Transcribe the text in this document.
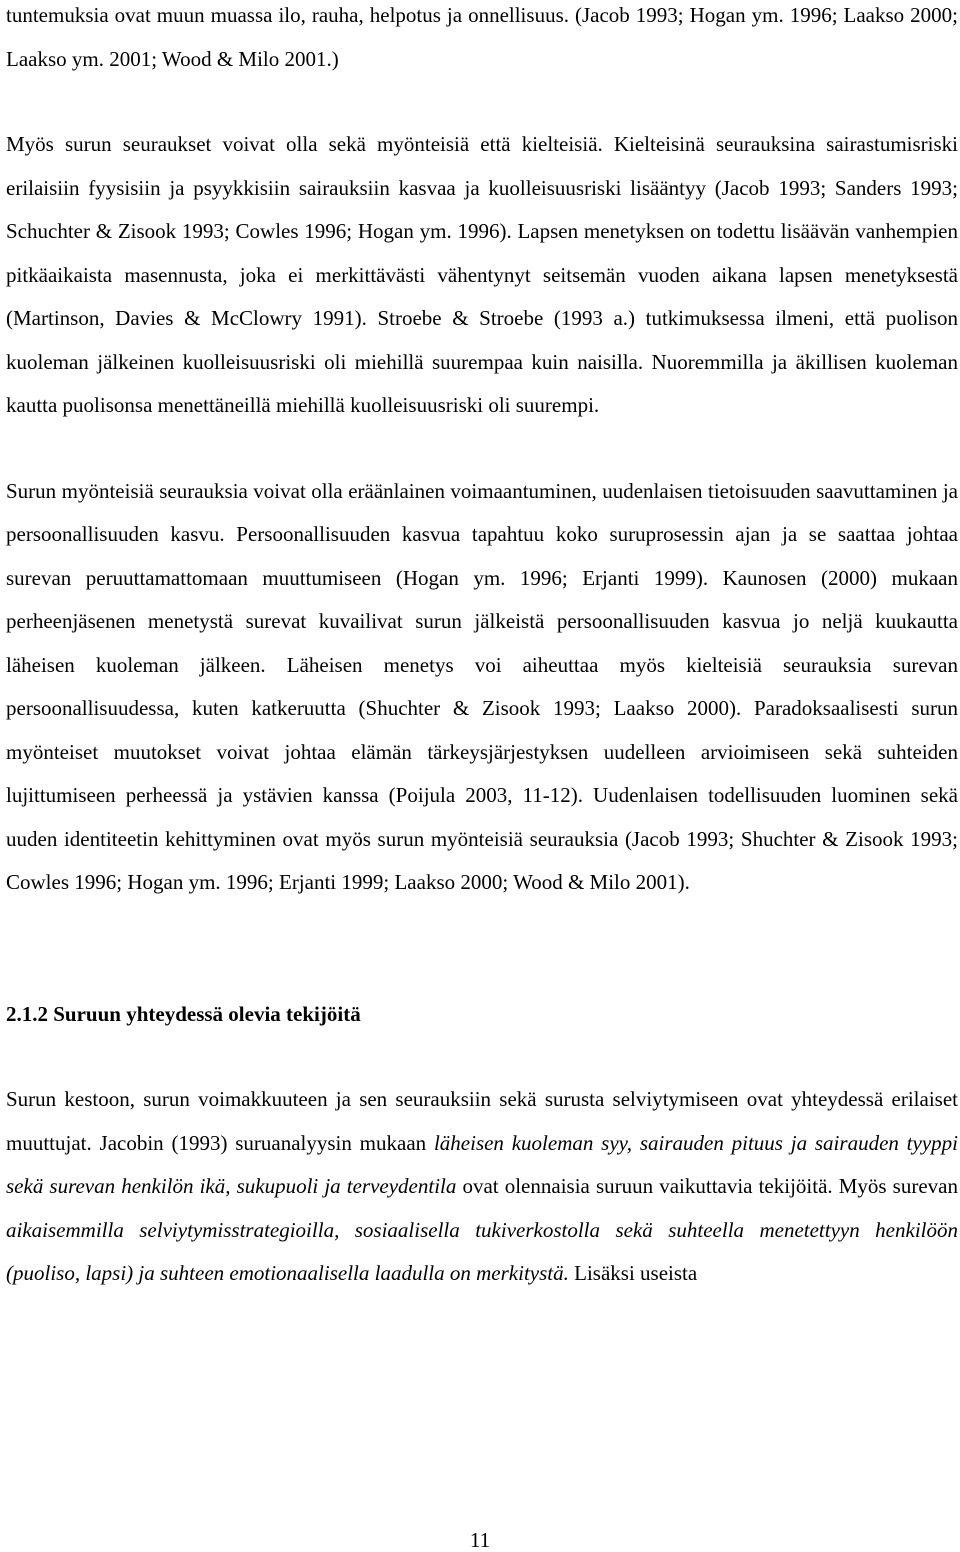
tuntemuksia ovat muun muassa ilo, rauha, helpotus ja onnellisuus. (Jacob 1993; Hogan ym. 1996; Laakso 2000; Laakso ym. 2001; Wood & Milo 2001.)

Myös surun seuraukset voivat olla sekä myönteisiä että kielteisiä. Kielteisinä seurauksina sairastumisriski erilaisiin fyysisiin ja psyykkisiin sairauksiin kasvaa ja kuolleisuusriski lisääntyy (Jacob 1993; Sanders 1993; Schuchter & Zisook 1993; Cowles 1996; Hogan ym. 1996). Lapsen menetyksen on todettu lisäävän vanhempien pitkäaikaista masennusta, joka ei merkittävästi vähentynyt seitsemän vuoden aikana lapsen menetyksestä (Martinson, Davies & McClowry 1991). Stroebe & Stroebe (1993 a.) tutkimuksessa ilmeni, että puolison kuoleman jälkeinen kuolleisuusriski oli miehillä suurempaa kuin naisilla. Nuoremmilla ja äkillisen kuoleman kautta puolisonsa menettäneillä miehillä kuolleisuusriski oli suurempi.

Surun myönteisiä seurauksia voivat olla eräänlainen voimaantuminen, uudenlaisen tietoisuuden saavuttaminen ja persoonallisuuden kasvu. Persoonallisuuden kasvua tapahtuu koko suruprosessin ajan ja se saattaa johtaa surevan peruuttamattomaan muuttumiseen (Hogan ym. 1996; Erjanti 1999). Kaunosen (2000) mukaan perheenjäsenen menetystä surevat kuvailivat surun jälkeistä persoonallisuuden kasvua jo neljä kuukautta läheisen kuoleman jälkeen. Läheisen menetys voi aiheuttaa myös kielteisiä seurauksia surevan persoonallisuudessa, kuten katkeruutta (Shuchter & Zisook 1993; Laakso 2000). Paradoksaalisesti surun myönteiset muutokset voivat johtaa elämän tärkeysjärjestyksen uudelleen arvioimiseen sekä suhteiden lujittumiseen perheessä ja ystävien kanssa (Poijula 2003, 11-12). Uudenlaisen todellisuuden luominen sekä uuden identiteetin kehittyminen ovat myös surun myönteisiä seurauksia (Jacob 1993; Shuchter & Zisook 1993; Cowles 1996; Hogan ym. 1996; Erjanti 1999; Laakso 2000; Wood & Milo 2001).

2.1.2 Suruun yhteydessä olevia tekijöitä

Surun kestoon, surun voimakkuuteen ja sen seurauksiin sekä surusta selviytymiseen ovat yhteydessä erilaiset muuttujat. Jacobin (1993) suruanalyysin mukaan läheisen kuoleman syy, sairauden pituus ja sairauden tyyppi sekä surevan henkilön ikä, sukupuoli ja terveydentila ovat olennaisia suruun vaikuttavia tekijöitä. Myös surevan aikaisemmilla selviytymisstrategioilla, sosiaalisella tukiverkostolla sekä suhteella menetettyyn henkilöön (puoliso, lapsi) ja suhteen emotionaalisella laadulla on merkitystä. Lisäksi useista

11
